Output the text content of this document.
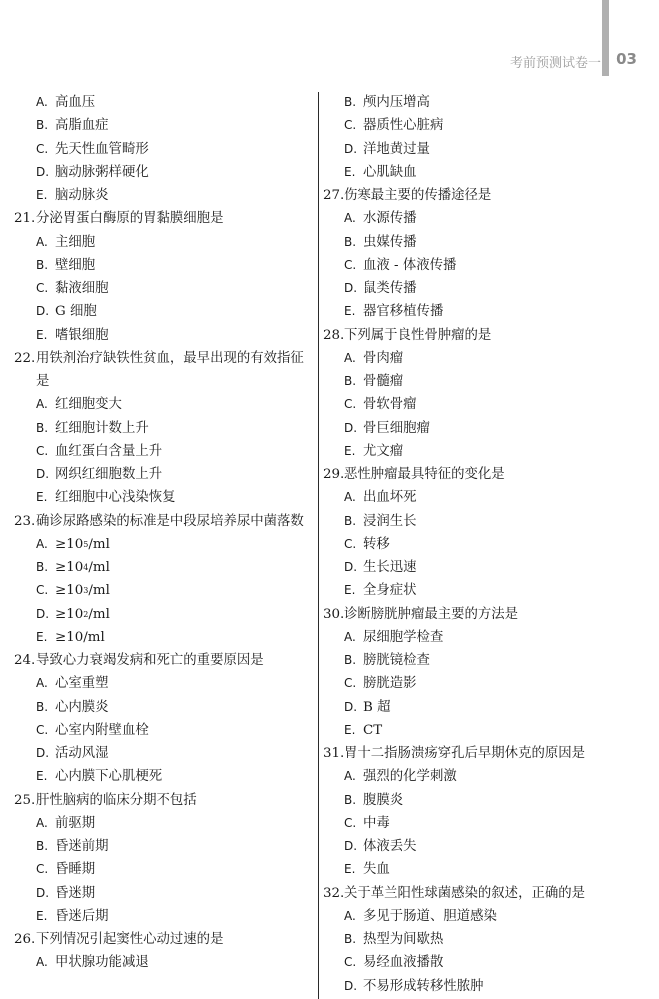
考前预测试卷一 03
A. 高血压
B. 高脂血症
C. 先天性血管畸形
D. 脑动脉粥样硬化
E. 脑动脉炎
21. 分泌胃蛋白酶原的胃黏膜细胞是
A. 主细胞
B. 壁细胞
C. 黏液细胞
D. G 细胞
E. 嗜银细胞
22. 用铁剂治疗缺铁性贫血，最早出现的有效指征是
A. 红细胞变大
B. 红细胞计数上升
C. 血红蛋白含量上升
D. 网织红细胞数上升
E. 红细胞中心浅染恢复
23. 确诊尿路感染的标准是中段尿培养尿中菌落数
A. ≥10 5 /ml
B. ≥10 4 /ml
C. ≥10 3 /ml
D. ≥10 2 /ml
E. ≥10/ml
24. 导致心力衰竭发病和死亡的重要原因是
A. 心室重塑
B. 心内膜炎
C. 心室内附壁血栓
D. 活动风湿
E. 心内膜下心肌梗死
25. 肝性脑病的临床分期不包括
A. 前驱期
B. 昏迷前期
C. 昏睡期
D. 昏迷期
E. 昏迷后期
26. 下列情况引起窦性心动过速的是
A. 甲状腺功能减退
B. 颅内压增高
C. 器质性心脏病
D. 洋地黄过量
E. 心肌缺血
27. 伤寒最主要的传播途径是
A. 水源传播
B. 虫媒传播
C. 血液 - 体液传播
D. 鼠类传播
E. 器官移植传播
28. 下列属于良性骨肿瘤的是
A. 骨肉瘤
B. 骨髓瘤
C. 骨软骨瘤
D. 骨巨细胞瘤
E. 尤文瘤
29. 恶性肿瘤最具特征的变化是
A. 出血坏死
B. 浸润生长
C. 转移
D. 生长迅速
E. 全身症状
30. 诊断膀胱肿瘤最主要的方法是
A. 尿细胞学检查
B. 膀胱镜检查
C. 膀胱造影
D. B 超
E. CT
31. 胃十二指肠溃疡穿孔后早期休克的原因是
A. 强烈的化学刺激
B. 腹膜炎
C. 中毒
D. 体液丢失
E. 失血
32. 关于革兰阳性球菌感染的叙述，正确的是
A. 多见于肠道、胆道感染
B. 热型为间歇热
C. 易经血液播散
D. 不易形成转移性脓肿
